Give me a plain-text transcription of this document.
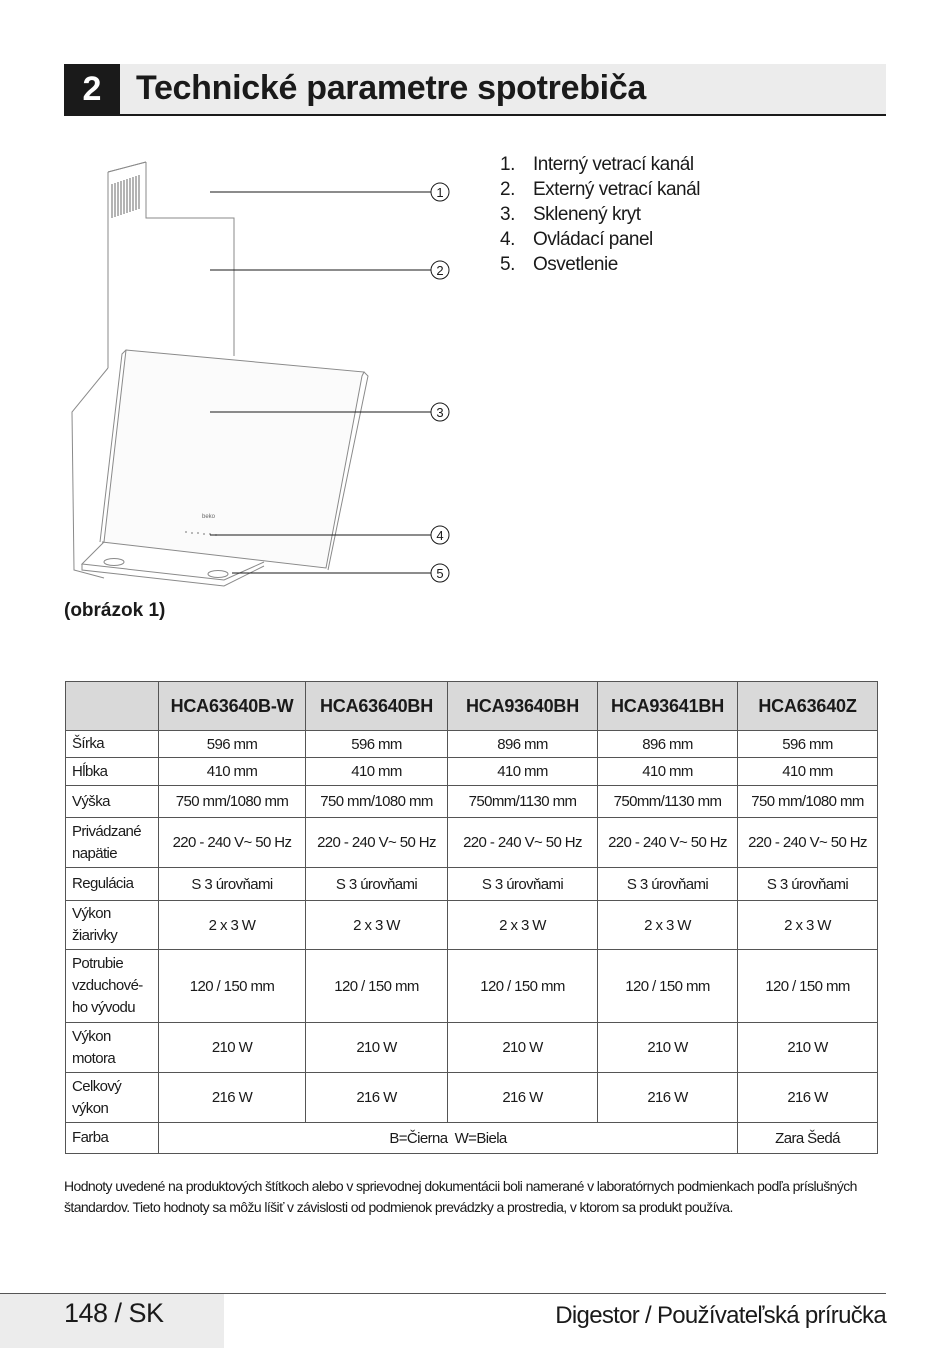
2	Technické parametre spotrebiča
beko
1
2
3
4
5
(obrázok 1)
1. Interný vetrací kanál
2. Externý vetrací kanál
3. Sklenený kryt
4. Ovládací panel
5. Osvetlenie
	HCA63640B-W	HCA63640BH	HCA93640BH	HCA93641BH	HCA63640Z
Šírka	596 mm	596 mm	896 mm	896 mm	596 mm
Hĺbka	410 mm	410 mm	410 mm	410 mm	410 mm
Výška	750 mm/1080 mm	750 mm/1080 mm	750mm/1130 mm	750mm/1130 mm	750 mm/1080 mm
Privádzané napätie	220 - 240 V~ 50 Hz	220 - 240 V~ 50 Hz	220 - 240 V~ 50 Hz	220 - 240 V~ 50 Hz	220 - 240 V~ 50 Hz
Regulácia	S 3 úrovňami	S 3 úrovňami	S 3 úrovňami	S 3 úrovňami	S 3 úrovňami
Výkon žiarivky	2 x 3 W	2 x 3 W	2 x 3 W	2 x 3 W	2 x 3 W
Potrubie vzduchové-ho vývodu	120 / 150 mm	120 / 150 mm	120 / 150 mm	120 / 150 mm	120 / 150 mm
Výkon motora	210 W	210 W	210 W	210 W	210 W
Celkový výkon	216 W	216 W	216 W	216 W	216 W
Farba	B=Čierna  W=Biela				Zara Šedá
Hodnoty uvedené na produktových štítkoch alebo v sprievodnej dokumentácii boli namerané v laboratórnych podmienkach podľa príslušných štandardov. Tieto hodnoty sa môžu líšiť v závislosti od podmienok prevádzky a prostredia, v ktorom sa produkt používa.
148 / SK	Digestor / Používateľská príručka
